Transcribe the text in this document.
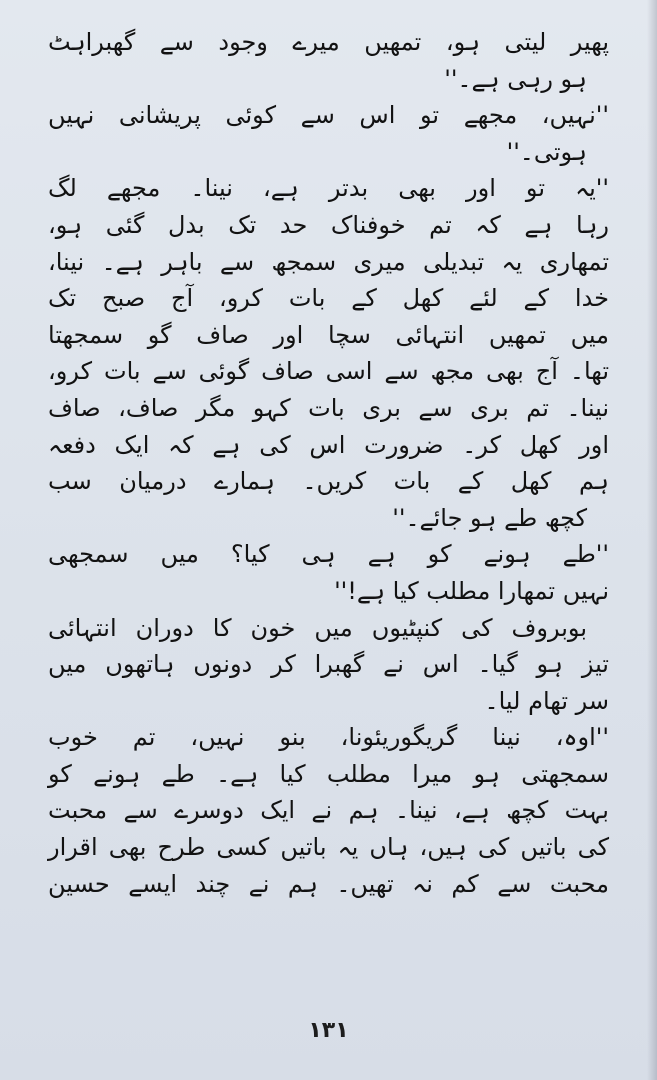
پھیر لیتی ہو، تمھیں میرے وجود سے گھبراہٹ
ہو رہی ہے۔''
''نہیں، مجھے تو اس سے کوئی پریشانی نہیں
ہوتی۔''
''یہ تو اور بھی بدتر ہے، نینا۔ مجھے لگ
رہا ہے کہ تم خوفناک حد تک بدل گئی ہو،
تمھاری یہ تبدیلی میری سمجھ سے باہر ہے۔ نینا،
خدا کے لئے کھل کے بات کرو، آج صبح تک
میں تمھیں انتہائی سچا اور صاف گو سمجھتا
تھا۔ آج بھی مجھ سے اسی صاف گوئی سے بات کرو،
نینا۔ تم بری سے بری بات کہو مگر صاف، صاف
اور کھل کر۔ ضرورت اس کی ہے کہ ایک دفعہ
ہم کھل کے بات کریں۔ ہمارے درمیان سب
کچھ طے ہو جائے۔''
''طے ہونے کو ہے ہی کیا؟ میں سمجھی
نہیں تمھارا مطلب کیا ہے!''
بوبروف کی کنپٹیوں میں خون کا دوران انتہائی
تیز ہو گیا۔ اس نے گھبرا کر دونوں ہاتھوں میں
سر تھام لیا۔
''اوہ، نینا گریگوریئونا، بنو نہیں، تم خوب
سمجھتی ہو میرا مطلب کیا ہے۔ طے ہونے کو
بہت کچھ ہے، نینا۔ ہم نے ایک دوسرے سے محبت
کی باتیں کی ہیں، ہاں یہ باتیں کسی طرح بھی اقرار
محبت سے کم نہ تھیں۔ ہم نے چند ایسے حسین
۱۳۱
